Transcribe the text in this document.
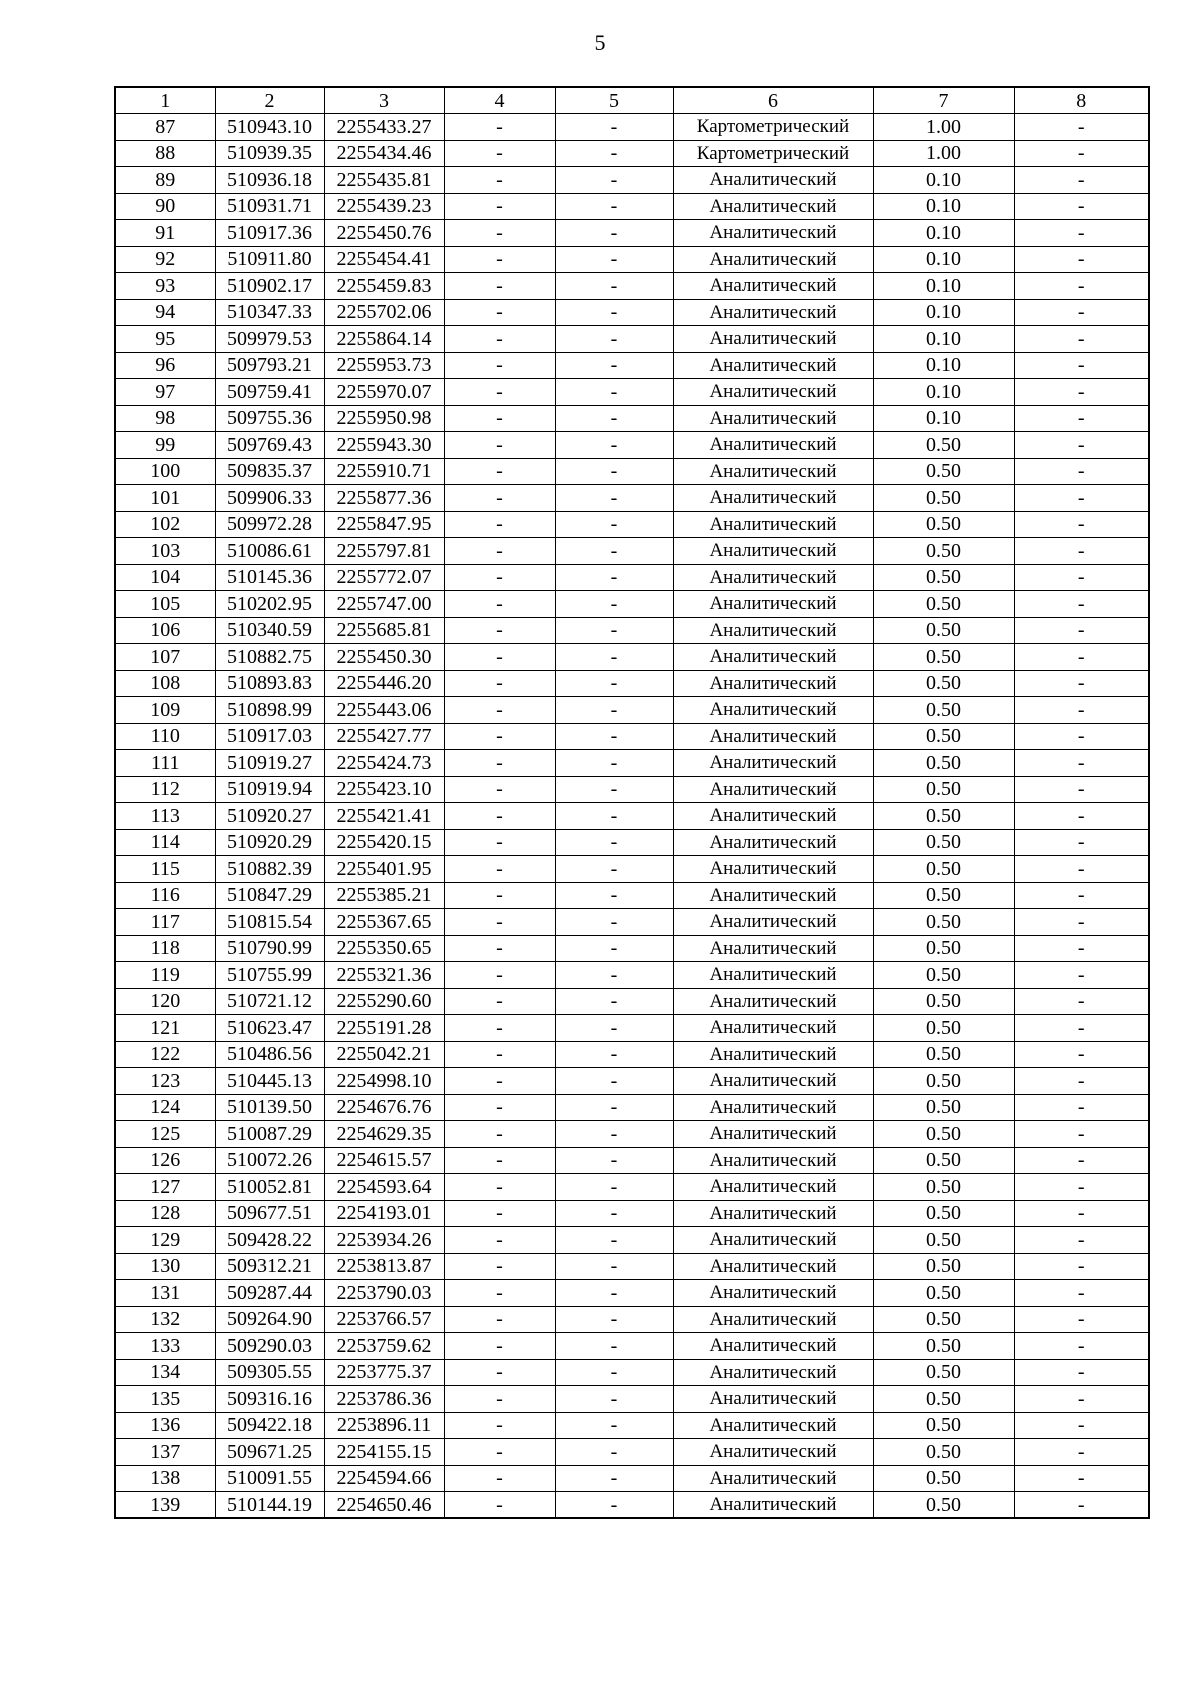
5
1	2	3	4	5	6	7	8
87	510943.10	2255433.27	-	-	Картометрический	1.00	-
88	510939.35	2255434.46	-	-	Картометрический	1.00	-
89	510936.18	2255435.81	-	-	Аналитический	0.10	-
90	510931.71	2255439.23	-	-	Аналитический	0.10	-
91	510917.36	2255450.76	-	-	Аналитический	0.10	-
92	510911.80	2255454.41	-	-	Аналитический	0.10	-
93	510902.17	2255459.83	-	-	Аналитический	0.10	-
94	510347.33	2255702.06	-	-	Аналитический	0.10	-
95	509979.53	2255864.14	-	-	Аналитический	0.10	-
96	509793.21	2255953.73	-	-	Аналитический	0.10	-
97	509759.41	2255970.07	-	-	Аналитический	0.10	-
98	509755.36	2255950.98	-	-	Аналитический	0.10	-
99	509769.43	2255943.30	-	-	Аналитический	0.50	-
100	509835.37	2255910.71	-	-	Аналитический	0.50	-
101	509906.33	2255877.36	-	-	Аналитический	0.50	-
102	509972.28	2255847.95	-	-	Аналитический	0.50	-
103	510086.61	2255797.81	-	-	Аналитический	0.50	-
104	510145.36	2255772.07	-	-	Аналитический	0.50	-
105	510202.95	2255747.00	-	-	Аналитический	0.50	-
106	510340.59	2255685.81	-	-	Аналитический	0.50	-
107	510882.75	2255450.30	-	-	Аналитический	0.50	-
108	510893.83	2255446.20	-	-	Аналитический	0.50	-
109	510898.99	2255443.06	-	-	Аналитический	0.50	-
110	510917.03	2255427.77	-	-	Аналитический	0.50	-
111	510919.27	2255424.73	-	-	Аналитический	0.50	-
112	510919.94	2255423.10	-	-	Аналитический	0.50	-
113	510920.27	2255421.41	-	-	Аналитический	0.50	-
114	510920.29	2255420.15	-	-	Аналитический	0.50	-
115	510882.39	2255401.95	-	-	Аналитический	0.50	-
116	510847.29	2255385.21	-	-	Аналитический	0.50	-
117	510815.54	2255367.65	-	-	Аналитический	0.50	-
118	510790.99	2255350.65	-	-	Аналитический	0.50	-
119	510755.99	2255321.36	-	-	Аналитический	0.50	-
120	510721.12	2255290.60	-	-	Аналитический	0.50	-
121	510623.47	2255191.28	-	-	Аналитический	0.50	-
122	510486.56	2255042.21	-	-	Аналитический	0.50	-
123	510445.13	2254998.10	-	-	Аналитический	0.50	-
124	510139.50	2254676.76	-	-	Аналитический	0.50	-
125	510087.29	2254629.35	-	-	Аналитический	0.50	-
126	510072.26	2254615.57	-	-	Аналитический	0.50	-
127	510052.81	2254593.64	-	-	Аналитический	0.50	-
128	509677.51	2254193.01	-	-	Аналитический	0.50	-
129	509428.22	2253934.26	-	-	Аналитический	0.50	-
130	509312.21	2253813.87	-	-	Аналитический	0.50	-
131	509287.44	2253790.03	-	-	Аналитический	0.50	-
132	509264.90	2253766.57	-	-	Аналитический	0.50	-
133	509290.03	2253759.62	-	-	Аналитический	0.50	-
134	509305.55	2253775.37	-	-	Аналитический	0.50	-
135	509316.16	2253786.36	-	-	Аналитический	0.50	-
136	509422.18	2253896.11	-	-	Аналитический	0.50	-
137	509671.25	2254155.15	-	-	Аналитический	0.50	-
138	510091.55	2254594.66	-	-	Аналитический	0.50	-
139	510144.19	2254650.46	-	-	Аналитический	0.50	-
